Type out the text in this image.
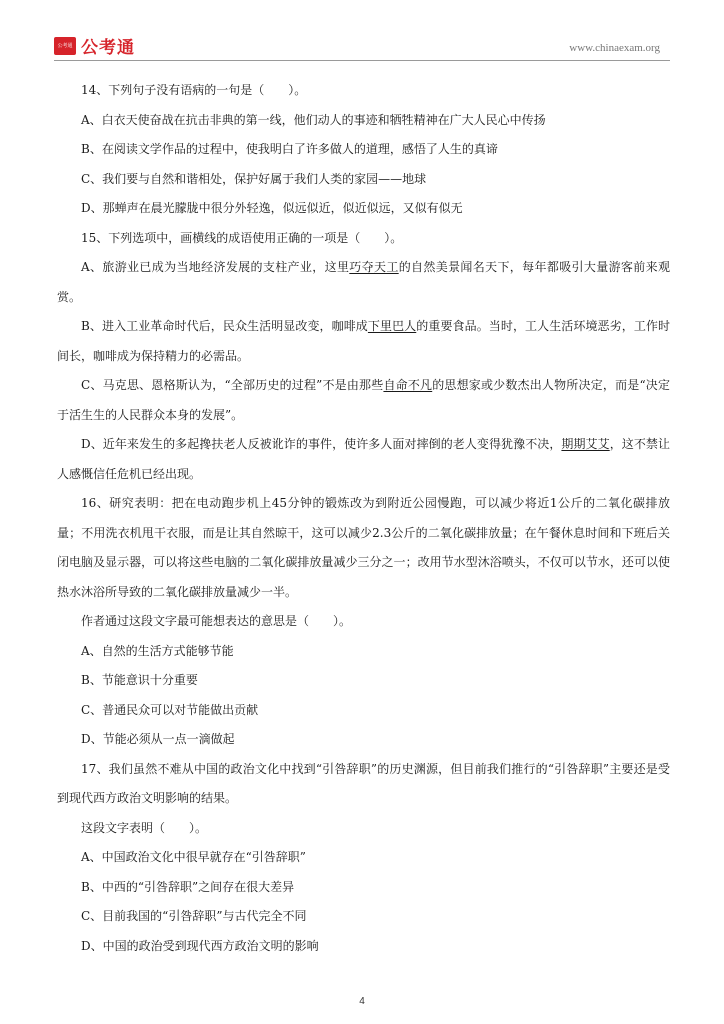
公考通 公考通	www.chinaexam.org

14、下列句子没有语病的一句是（　　）。

A、白衣天使奋战在抗击非典的第一线，他们动人的事迹和牺牲精神在广大人民心中传扬

B、在阅读文学作品的过程中，使我明白了许多做人的道理，感悟了人生的真谛

C、我们要与自然和谐相处，保护好属于我们人类的家园——地球

D、那蝉声在晨光朦胧中很分外轻逸，似远似近，似近似远，又似有似无

15、下列选项中，画横线的成语使用正确的一项是（　　）。

A、旅游业已成为当地经济发展的支柱产业，这里巧夺天工的自然美景闻名天下，每年都吸引大量游客前来观赏。

B、进入工业革命时代后，民众生活明显改变，咖啡成下里巴人的重要食品。当时，工人生活环境恶劣，工作时间长，咖啡成为保持精力的必需品。

C、马克思、恩格斯认为，“全部历史的过程”不是由那些自命不凡的思想家或少数杰出人物所决定，而是“决定于活生生的人民群众本身的发展”。

D、近年来发生的多起搀扶老人反被讹诈的事件，使许多人面对摔倒的老人变得犹豫不决，期期艾艾，这不禁让人感慨信任危机已经出现。

16、研究表明：把在电动跑步机上45分钟的锻炼改为到附近公园慢跑，可以减少将近1公斤的二氧化碳排放量；不用洗衣机甩干衣服，而是让其自然晾干，这可以减少2.3公斤的二氧化碳排放量；在午餐休息时间和下班后关闭电脑及显示器，可以将这些电脑的二氧化碳排放量减少三分之一；改用节水型沐浴喷头，不仅可以节水，还可以使热水沐浴所导致的二氧化碳排放量减少一半。

作者通过这段文字最可能想表达的意思是（　　）。

A、自然的生活方式能够节能

B、节能意识十分重要

C、普通民众可以对节能做出贡献

D、节能必须从一点一滴做起

17、我们虽然不难从中国的政治文化中找到“引咎辞职”的历史渊源，但目前我们推行的“引咎辞职”主要还是受到现代西方政治文明影响的结果。

这段文字表明（　　）。

A、中国政治文化中很早就存在“引咎辞职”

B、中西的“引咎辞职”之间存在很大差异

C、目前我国的“引咎辞职”与古代完全不同

D、中国的政治受到现代西方政治文明的影响

4
